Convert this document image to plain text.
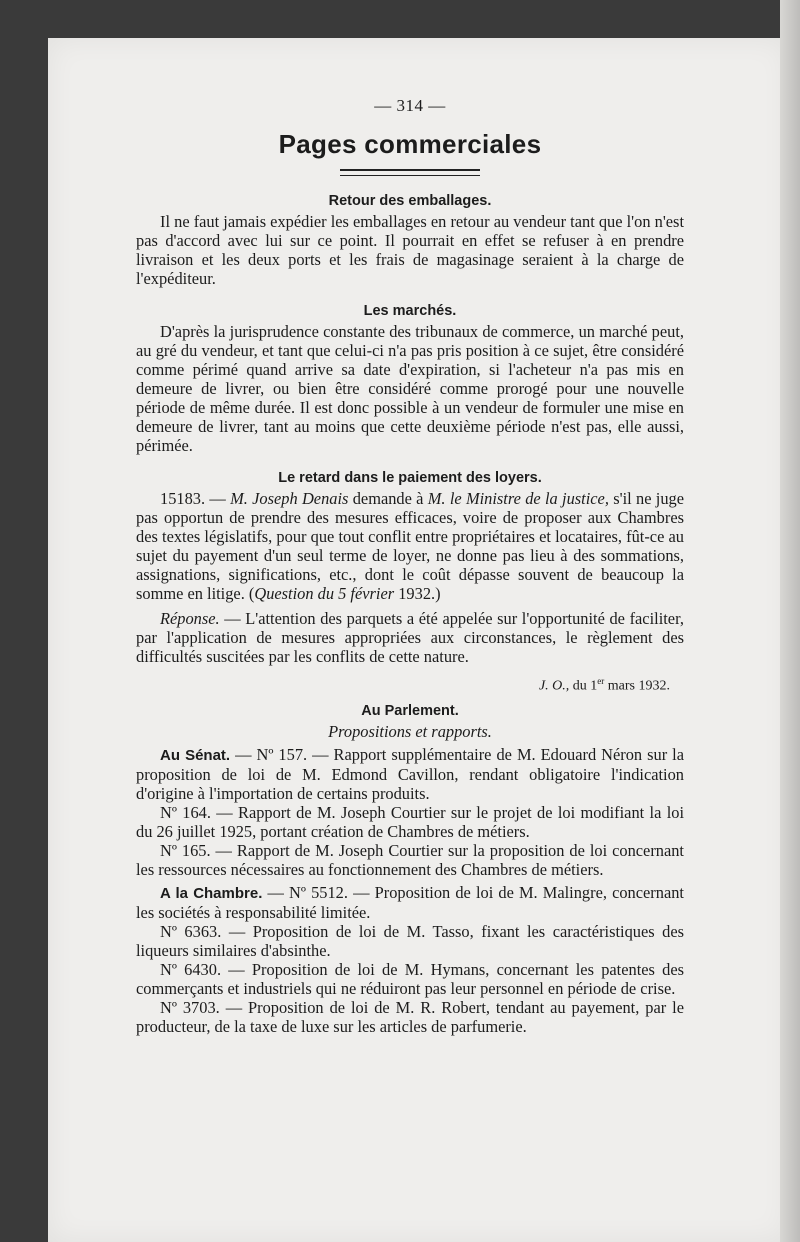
— 314 —
Pages commerciales
Retour des emballages.

Il ne faut jamais expédier les emballages en retour au vendeur tant que l'on n'est pas d'accord avec lui sur ce point. Il pourrait en effet se refuser à en prendre livraison et les deux ports et les frais de magasinage seraient à la charge de l'expéditeur.

Les marchés.

D'après la jurisprudence constante des tribunaux de commerce, un marché peut, au gré du vendeur, et tant que celui-ci n'a pas pris position à ce sujet, être considéré comme périmé quand arrive sa date d'expiration, si l'acheteur n'a pas mis en demeure de livrer, ou bien être considéré comme prorogé pour une nouvelle période de même durée. Il est donc possible à un vendeur de formuler une mise en demeure de livrer, tant au moins que cette deuxième période n'est pas, elle aussi, périmée.

Le retard dans le paiement des loyers.

15183. — M. Joseph Denais demande à M. le Ministre de la justice, s'il ne juge pas opportun de prendre des mesures efficaces, voire de proposer aux Chambres des textes législatifs, pour que tout conflit entre propriétaires et locataires, fût-ce au sujet du payement d'un seul terme de loyer, ne donne pas lieu à des sommations, assignations, significations, etc., dont le coût dépasse souvent de beaucoup la somme en litige. (Question du 5 février 1932.)

Réponse. — L'attention des parquets a été appelée sur l'opportunité de faciliter, par l'application de mesures appropriées aux circonstances, le règlement des difficultés suscitées par les conflits de cette nature.

J. O., du 1er mars 1932.
Au Parlement.
Propositions et rapports.

Au Sénat. — Nº 157. — Rapport supplémentaire de M. Edouard Néron sur la proposition de loi de M. Edmond Cavillon, rendant obligatoire l'indication d'origine à l'importation de certains produits.

Nº 164. — Rapport de M. Joseph Courtier sur le projet de loi modifiant la loi du 26 juillet 1925, portant création de Chambres de métiers.

Nº 165. — Rapport de M. Joseph Courtier sur la proposition de loi concernant les ressources nécessaires au fonctionnement des Chambres de métiers.

A la Chambre. — Nº 5512. — Proposition de loi de M. Malingre, concernant les sociétés à responsabilité limitée.

Nº 6363. — Proposition de loi de M. Tasso, fixant les caractéristiques des liqueurs similaires d'absinthe.

Nº 6430. — Proposition de loi de M. Hymans, concernant les patentes des commerçants et industriels qui ne réduiront pas leur personnel en période de crise.

Nº 3703. — Proposition de loi de M. R. Robert, tendant au payement, par le producteur, de la taxe de luxe sur les articles de parfumerie.
